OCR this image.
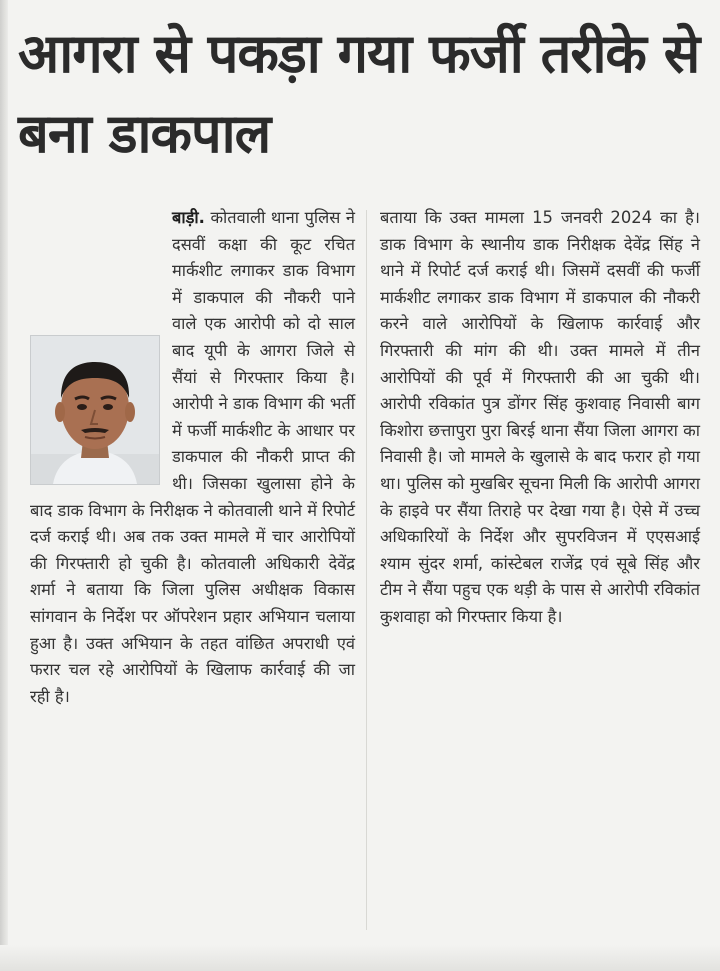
आगरा से पकड़ा गया फर्जी तरीके से बना डाकपाल

बाड़ी. कोतवाली थाना पुलिस ने दसवीं कक्षा की कूट रचित मार्कशीट लगाकर डाक विभाग में डाकपाल की नौकरी पाने वाले एक आरोपी को दो साल बाद यूपी के आगरा जिले से सैंयां से गिरफ्तार किया है। आरोपी ने डाक विभाग की भर्ती में फर्जी मार्कशीट के आधार पर डाकपाल की नौकरी प्राप्त की थी। जिसका खुलासा होने के बाद डाक विभाग के निरीक्षक ने कोतवाली थाने में रिपोर्ट दर्ज कराई थी। अब तक उक्त मामले में चार आरोपियों की गिरफ्तारी हो चुकी है। कोतवाली अधिकारी देवेंद्र शर्मा ने बताया कि जिला पुलिस अधीक्षक विकास सांगवान के निर्देश पर ऑपरेशन प्रहार अभियान चलाया हुआ है। उक्त अभियान के तहत वांछित अपराधी एवं फरार चल रहे आरोपियों के खिलाफ कार्रवाई की जा रही है।

बताया कि उक्त मामला 15 जनवरी 2024 का है। डाक विभाग के स्थानीय डाक निरीक्षक देवेंद्र सिंह ने थाने में रिपोर्ट दर्ज कराई थी। जिसमें दसवीं की फर्जी मार्कशीट लगाकर डाक विभाग में डाकपाल की नौकरी करने वाले आरोपियों के खिलाफ कार्रवाई और गिरफ्तारी की मांग की थी। उक्त मामले में तीन आरोपियों की पूर्व में गिरफ्तारी की आ चुकी थी। आरोपी रविकांत पुत्र डोंगर सिंह कुशवाह निवासी बाग किशोरा छत्तापुरा पुरा बिरई थाना सैंया जिला आगरा का निवासी है। जो मामले के खुलासे के बाद फरार हो गया था। पुलिस को मुखबिर सूचना मिली कि आरोपी आगरा के हाइवे पर सैंया तिराहे पर देखा गया है। ऐसे में उच्च अधिकारियों के निर्देश और सुपरविजन में एएसआई श्याम सुंदर शर्मा, कांस्टेबल राजेंद्र एवं सूबे सिंह और टीम ने सैंया पहुच एक थड़ी के पास से आरोपी रविकांत कुशवाहा को गिरफ्तार किया है।
